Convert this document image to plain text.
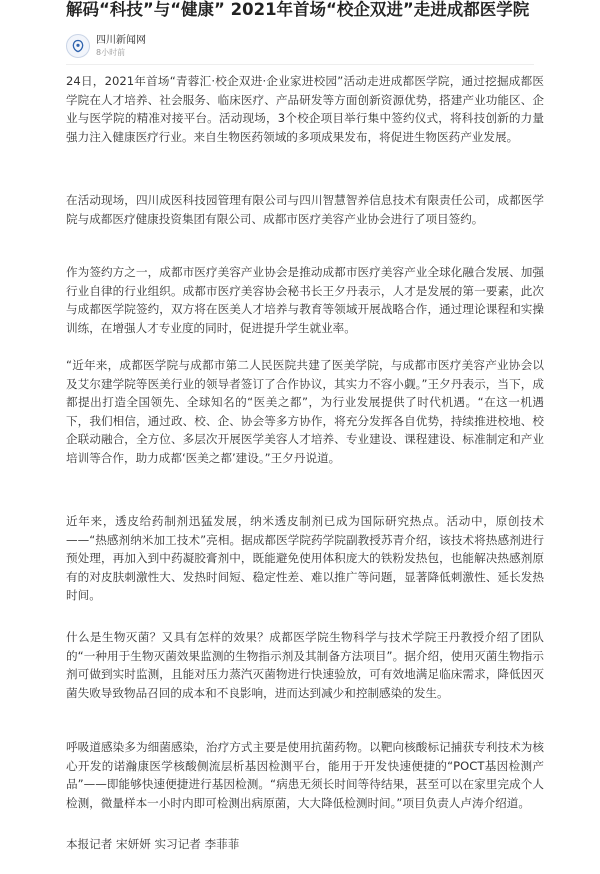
解码“科技”与“健康” 2021年首场“校企双进”走进成都医学院
四川新闻网
8小时前

24日，2021年首场“青蓉汇·校企双进·企业家进校园”活动走进成都医学院，通过挖掘成都医学院在人才培养、社会服务、临床医疗、产品研发等方面创新资源优势，搭建产业功能区、企业与医学院的精准对接平台。活动现场，3个校企项目举行集中签约仪式，将科技创新的力量强力注入健康医疗行业。来自生物医药领域的多项成果发布，将促进生物医药产业发展。

在活动现场，四川成医科技园管理有限公司与四川智慧智养信息技术有限责任公司，成都医学院与成都医疗健康投资集团有限公司、成都市医疗美容产业协会进行了项目签约。

作为签约方之一，成都市医疗美容产业协会是推动成都市医疗美容产业全球化融合发展、加强行业自律的行业组织。成都市医疗美容协会秘书长王夕丹表示，人才是发展的第一要素，此次与成都医学院签约，双方将在医美人才培养与教育等领域开展战略合作，通过理论课程和实操训练，在增强人才专业度的同时，促进提升学生就业率。

“近年来，成都医学院与成都市第二人民医院共建了医美学院，与成都市医疗美容产业协会以及艾尔建学院等医美行业的领导者签订了合作协议，其实力不容小觑。”王夕丹表示，当下，成都提出打造全国领先、全球知名的“医美之都”，为行业发展提供了时代机遇。“在这一机遇下，我们相信，通过政、校、企、协会等多方协作，将充分发挥各自优势，持续推进校地、校企联动融合，全方位、多层次开展医学美容人才培养、专业建设、课程建设、标准制定和产业培训等合作，助力成都‘医美之都’建设。”王夕丹说道。

近年来，透皮给药制剂迅猛发展，纳米透皮制剂已成为国际研究热点。活动中，原创技术——“热感剂纳米加工技术”亮相。据成都医学院药学院副教授苏青介绍，该技术将热感剂进行预处理，再加入到中药凝胶膏剂中，既能避免使用体积庞大的铁粉发热包，也能解决热感剂原有的对皮肤刺激性大、发热时间短、稳定性差、难以推广等问题，显著降低刺激性、延长发热时间。

什么是生物灭菌？又具有怎样的效果？成都医学院生物科学与技术学院王丹教授介绍了团队的“一种用于生物灭菌效果监测的生物指示剂及其制备方法项目”。据介绍，使用灭菌生物指示剂可做到实时监测，且能对压力蒸汽灭菌物进行快速验放，可有效地满足临床需求，降低因灭菌失败导致物品召回的成本和不良影响，进而达到减少和控制感染的发生。

呼吸道感染多为细菌感染，治疗方式主要是使用抗菌药物。以靶向核酸标记捕获专利技术为核心开发的诺瀚康医学核酸侧流层析基因检测平台，能用于开发快速便捷的“POCT基因检测产品”——即能够快速便捷进行基因检测。“病患无须长时间等待结果，甚至可以在家里完成个人检测，微量样本一小时内即可检测出病原菌，大大降低检测时间。”项目负责人卢涛介绍道。

本报记者 宋妍妍 实习记者 李菲菲
